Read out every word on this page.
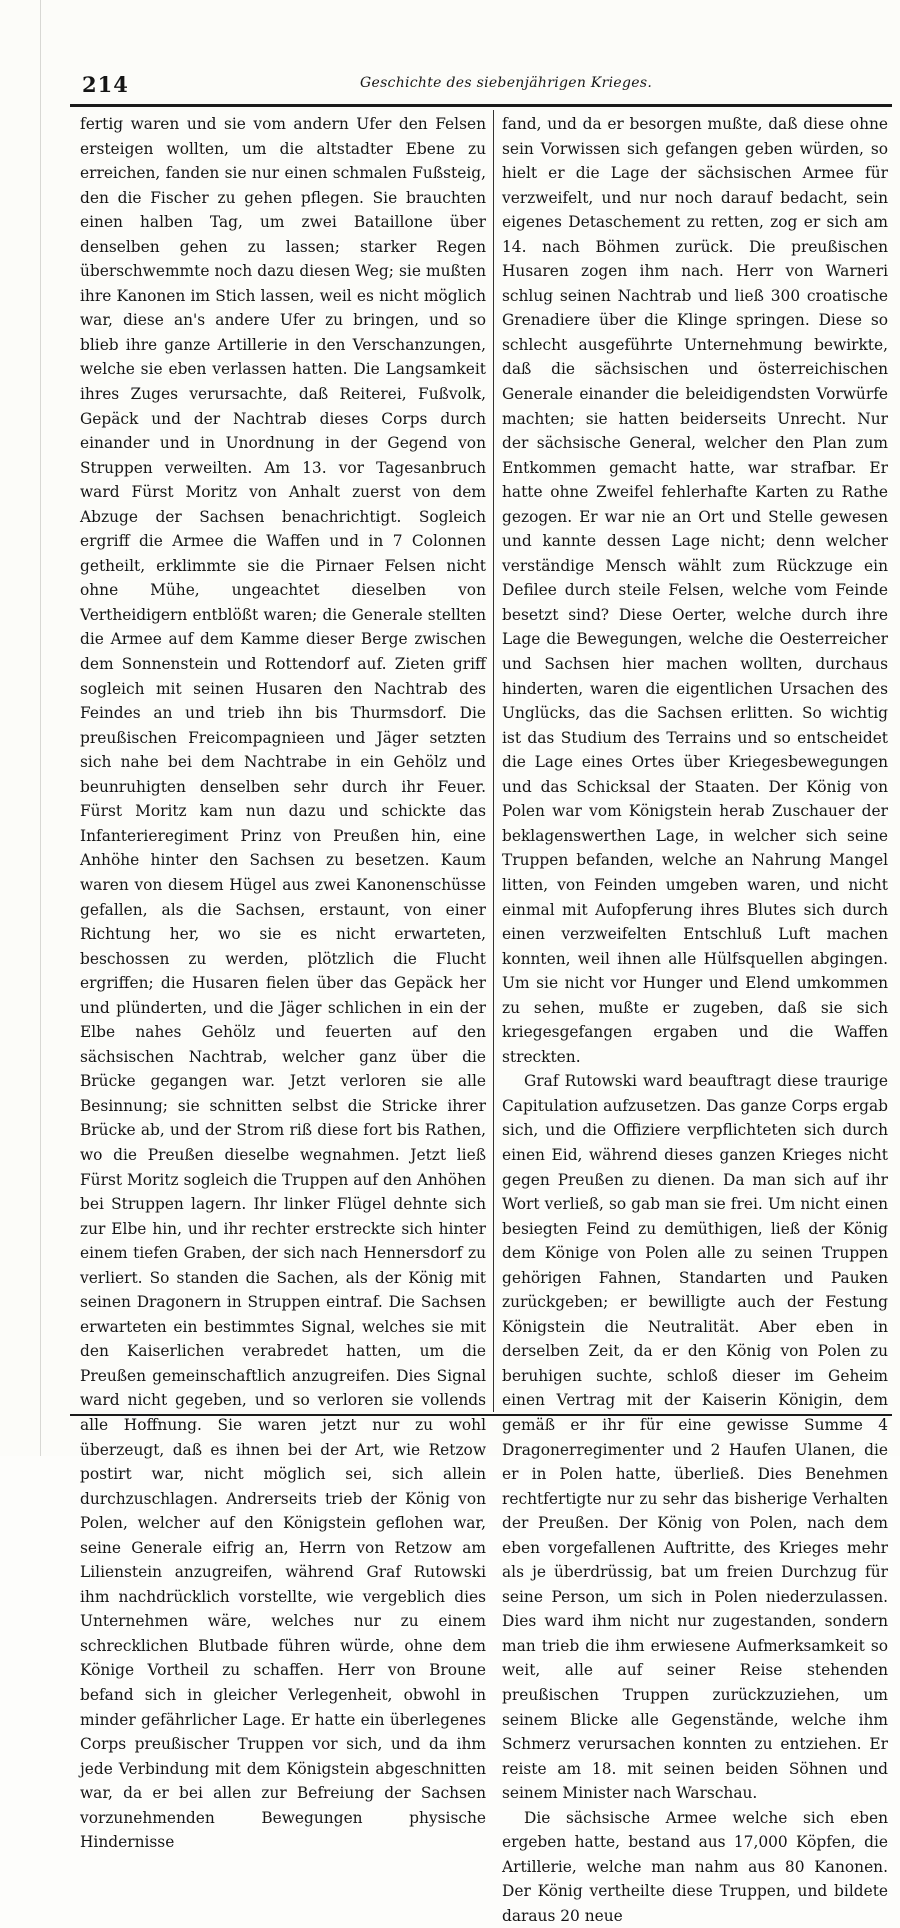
214	Geschichte des siebenjährigen Krieges.

fertig waren und sie vom andern Ufer den Felsen ersteigen wollten, um die altstadter Ebene zu erreichen, fanden sie nur einen schmalen Fußsteig, den die Fischer zu gehen pflegen. Sie brauchten einen halben Tag, um zwei Bataillone über denselben gehen zu lassen; starker Regen überschwemmte noch dazu diesen Weg; sie mußten ihre Kanonen im Stich lassen, weil es nicht möglich war, diese an's andere Ufer zu bringen, und so blieb ihre ganze Artillerie in den Verschanzungen, welche sie eben verlassen hatten. Die Langsamkeit ihres Zuges verursachte, daß Reiterei, Fußvolk, Gepäck und der Nachtrab dieses Corps durch einander und in Unordnung in der Gegend von Struppen verweilten. Am 13. vor Tagesanbruch ward Fürst Moritz von Anhalt zuerst von dem Abzuge der Sachsen benachrichtigt. Sogleich ergriff die Armee die Waffen und in 7 Colonnen getheilt, erklimmte sie die Pirnaer Felsen nicht ohne Mühe, ungeachtet dieselben von Vertheidigern entblößt waren; die Generale stellten die Armee auf dem Kamme dieser Berge zwischen dem Sonnenstein und Rottendorf auf. Zieten griff sogleich mit seinen Husaren den Nachtrab des Feindes an und trieb ihn bis Thurmsdorf. Die preußischen Freicompagnieen und Jäger setzten sich nahe bei dem Nachtrabe in ein Gehölz und beunruhigten denselben sehr durch ihr Feuer. Fürst Moritz kam nun dazu und schickte das Infanterieregiment Prinz von Preußen hin, eine Anhöhe hinter den Sachsen zu besetzen. Kaum waren von diesem Hügel aus zwei Kanonenschüsse gefallen, als die Sachsen, erstaunt, von einer Richtung her, wo sie es nicht erwarteten, beschossen zu werden, plötzlich die Flucht ergriffen; die Husaren fielen über das Gepäck her und plünderten, und die Jäger schlichen in ein der Elbe nahes Gehölz und feuerten auf den sächsischen Nachtrab, welcher ganz über die Brücke gegangen war. Jetzt verloren sie alle Besinnung; sie schnitten selbst die Stricke ihrer Brücke ab, und der Strom riß diese fort bis Rathen, wo die Preußen dieselbe wegnahmen. Jetzt ließ Fürst Moritz sogleich die Truppen auf den Anhöhen bei Struppen lagern. Ihr linker Flügel dehnte sich zur Elbe hin, und ihr rechter erstreckte sich hinter einem tiefen Graben, der sich nach Hennersdorf zu verliert. So standen die Sachen, als der König mit seinen Dragonern in Struppen eintraf. Die Sachsen erwarteten ein bestimmtes Signal, welches sie mit den Kaiserlichen verabredet hatten, um die Preußen gemeinschaftlich anzugreifen. Dies Signal ward nicht gegeben, und so verloren sie vollends alle Hoffnung. Sie waren jetzt nur zu wohl überzeugt, daß es ihnen bei der Art, wie Retzow postirt war, nicht möglich sei, sich allein durchzuschlagen. Andrerseits trieb der König von Polen, welcher auf den Königstein geflohen war, seine Generale eifrig an, Herrn von Retzow am Lilienstein anzugreifen, während Graf Rutowski ihm nachdrücklich vorstellte, wie vergeblich dies Unternehmen wäre, welches nur zu einem schrecklichen Blutbade führen würde, ohne dem Könige Vortheil zu schaffen. Herr von Broune befand sich in gleicher Verlegenheit, obwohl in minder gefährlicher Lage. Er hatte ein überlegenes Corps preußischer Truppen vor sich, und da ihm jede Verbindung mit dem Königstein abgeschnitten war, da er bei allen zur Befreiung der Sachsen vorzunehmenden Bewegungen physische Hindernisse

fand, und da er besorgen mußte, daß diese ohne sein Vorwissen sich gefangen geben würden, so hielt er die Lage der sächsischen Armee für verzweifelt, und nur noch darauf bedacht, sein eigenes Detaschement zu retten, zog er sich am 14. nach Böhmen zurück. Die preußischen Husaren zogen ihm nach. Herr von Warneri schlug seinen Nachtrab und ließ 300 croatische Grenadiere über die Klinge springen. Diese so schlecht ausgeführte Unternehmung bewirkte, daß die sächsischen und österreichischen Generale einander die beleidigendsten Vorwürfe machten; sie hatten beiderseits Unrecht. Nur der sächsische General, welcher den Plan zum Entkommen gemacht hatte, war strafbar. Er hatte ohne Zweifel fehlerhafte Karten zu Rathe gezogen. Er war nie an Ort und Stelle gewesen und kannte dessen Lage nicht; denn welcher verständige Mensch wählt zum Rückzuge ein Defilee durch steile Felsen, welche vom Feinde besetzt sind? Diese Oerter, welche durch ihre Lage die Bewegungen, welche die Oesterreicher und Sachsen hier machen wollten, durchaus hinderten, waren die eigentlichen Ursachen des Unglücks, das die Sachsen erlitten. So wichtig ist das Studium des Terrains und so entscheidet die Lage eines Ortes über Kriegesbewegungen und das Schicksal der Staaten. Der König von Polen war vom Königstein herab Zuschauer der beklagenswerthen Lage, in welcher sich seine Truppen befanden, welche an Nahrung Mangel litten, von Feinden umgeben waren, und nicht einmal mit Aufopferung ihres Blutes sich durch einen verzweifelten Entschluß Luft machen konnten, weil ihnen alle Hülfsquellen abgingen. Um sie nicht vor Hunger und Elend umkommen zu sehen, mußte er zugeben, daß sie sich kriegesgefangen ergaben und die Waffen streckten.

Graf Rutowski ward beauftragt diese traurige Capitulation aufzusetzen. Das ganze Corps ergab sich, und die Offiziere verpflichteten sich durch einen Eid, während dieses ganzen Krieges nicht gegen Preußen zu dienen. Da man sich auf ihr Wort verließ, so gab man sie frei. Um nicht einen besiegten Feind zu demüthigen, ließ der König dem Könige von Polen alle zu seinen Truppen gehörigen Fahnen, Standarten und Pauken zurückgeben; er bewilligte auch der Festung Königstein die Neutralität. Aber eben in derselben Zeit, da er den König von Polen zu beruhigen suchte, schloß dieser im Geheim einen Vertrag mit der Kaiserin Königin, dem gemäß er ihr für eine gewisse Summe 4 Dragonerregimenter und 2 Haufen Ulanen, die er in Polen hatte, überließ. Dies Benehmen rechtfertigte nur zu sehr das bisherige Verhalten der Preußen. Der König von Polen, nach dem eben vorgefallenen Auftritte, des Krieges mehr als je überdrüssig, bat um freien Durchzug für seine Person, um sich in Polen niederzulassen. Dies ward ihm nicht nur zugestanden, sondern man trieb die ihm erwiesene Aufmerksamkeit so weit, alle auf seiner Reise stehenden preußischen Truppen zurückzuziehen, um seinem Blicke alle Gegenstände, welche ihm Schmerz verursachen konnten zu entziehen. Er reiste am 18. mit seinen beiden Söhnen und seinem Minister nach Warschau.

Die sächsische Armee welche sich eben ergeben hatte, bestand aus 17,000 Köpfen, die Artillerie, welche man nahm aus 80 Kanonen. Der König vertheilte diese Truppen, und bildete daraus 20 neue
